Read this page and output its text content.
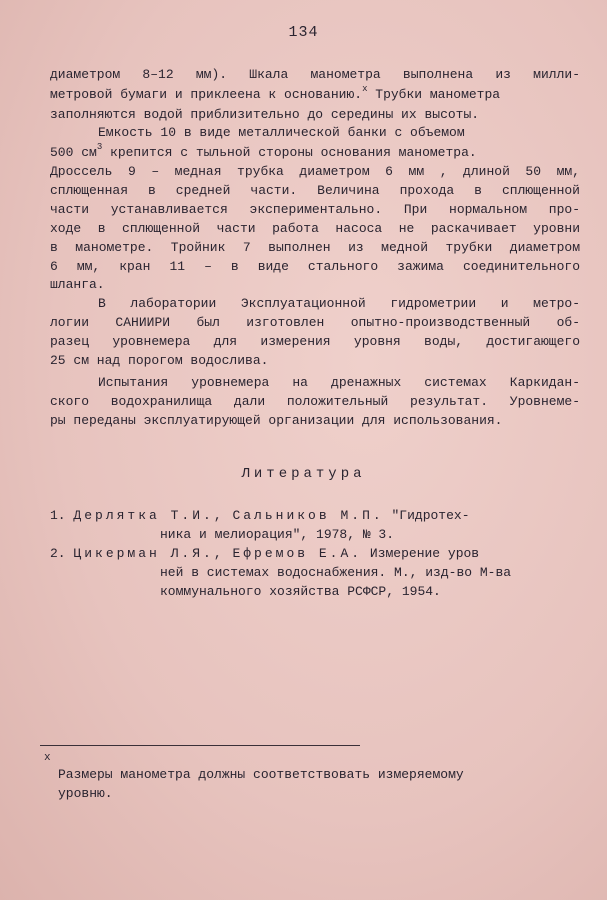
134
диаметром 8–12 мм). Шкала манометра выполнена из милли-
метровой бумаги и приклеена к основанию.$^x$ Трубки манометра
заполняются водой приблизительно до середины их высоты.
Емкость 10 в виде металлической банки с объемом
500 $см^3$ крепится с тыльной стороны основания манометра.
Дроссель 9 – медная трубка диаметром 6 мм , длиной 50 мм,
сплющенная в средней части. Величина прохода в сплющенной
части устанавливается экспериментально. При нормальном про-
ходе в сплющенной части работа насоса не раскачивает уровни
в манометре. Тройник 7 выполнен из медной трубки диаметром
6 мм, кран 11 – в виде стального зажима соединительного
шланга.
В лаборатории Эксплуатационной гидрометрии и метро-
логии САНИИРИ был изготовлен опытно-производственный об-
разец уровнемера для измерения уровня воды, достигающего
25 см над порогом водослива.
Испытания уровнемера на дренажных системах Каркидан-
ского водохранилища дали положительный результат. Уровнеме-
ры переданы эксплуатирующей организации для использования.
Литература
1. Дерлятка Т.И., Сальников М.П. "Гидротех-
ника и мелиорация", 1978, № 3.
2. Цикерман Л.Я., Ефремов Е.А. Измерение уров
ней в системах водоснабжения. М., изд-во М-ва
коммунального хозяйства РСФСР, 1954.
x
Размеры манометра должны соответствовать измеряемому
уровню.
